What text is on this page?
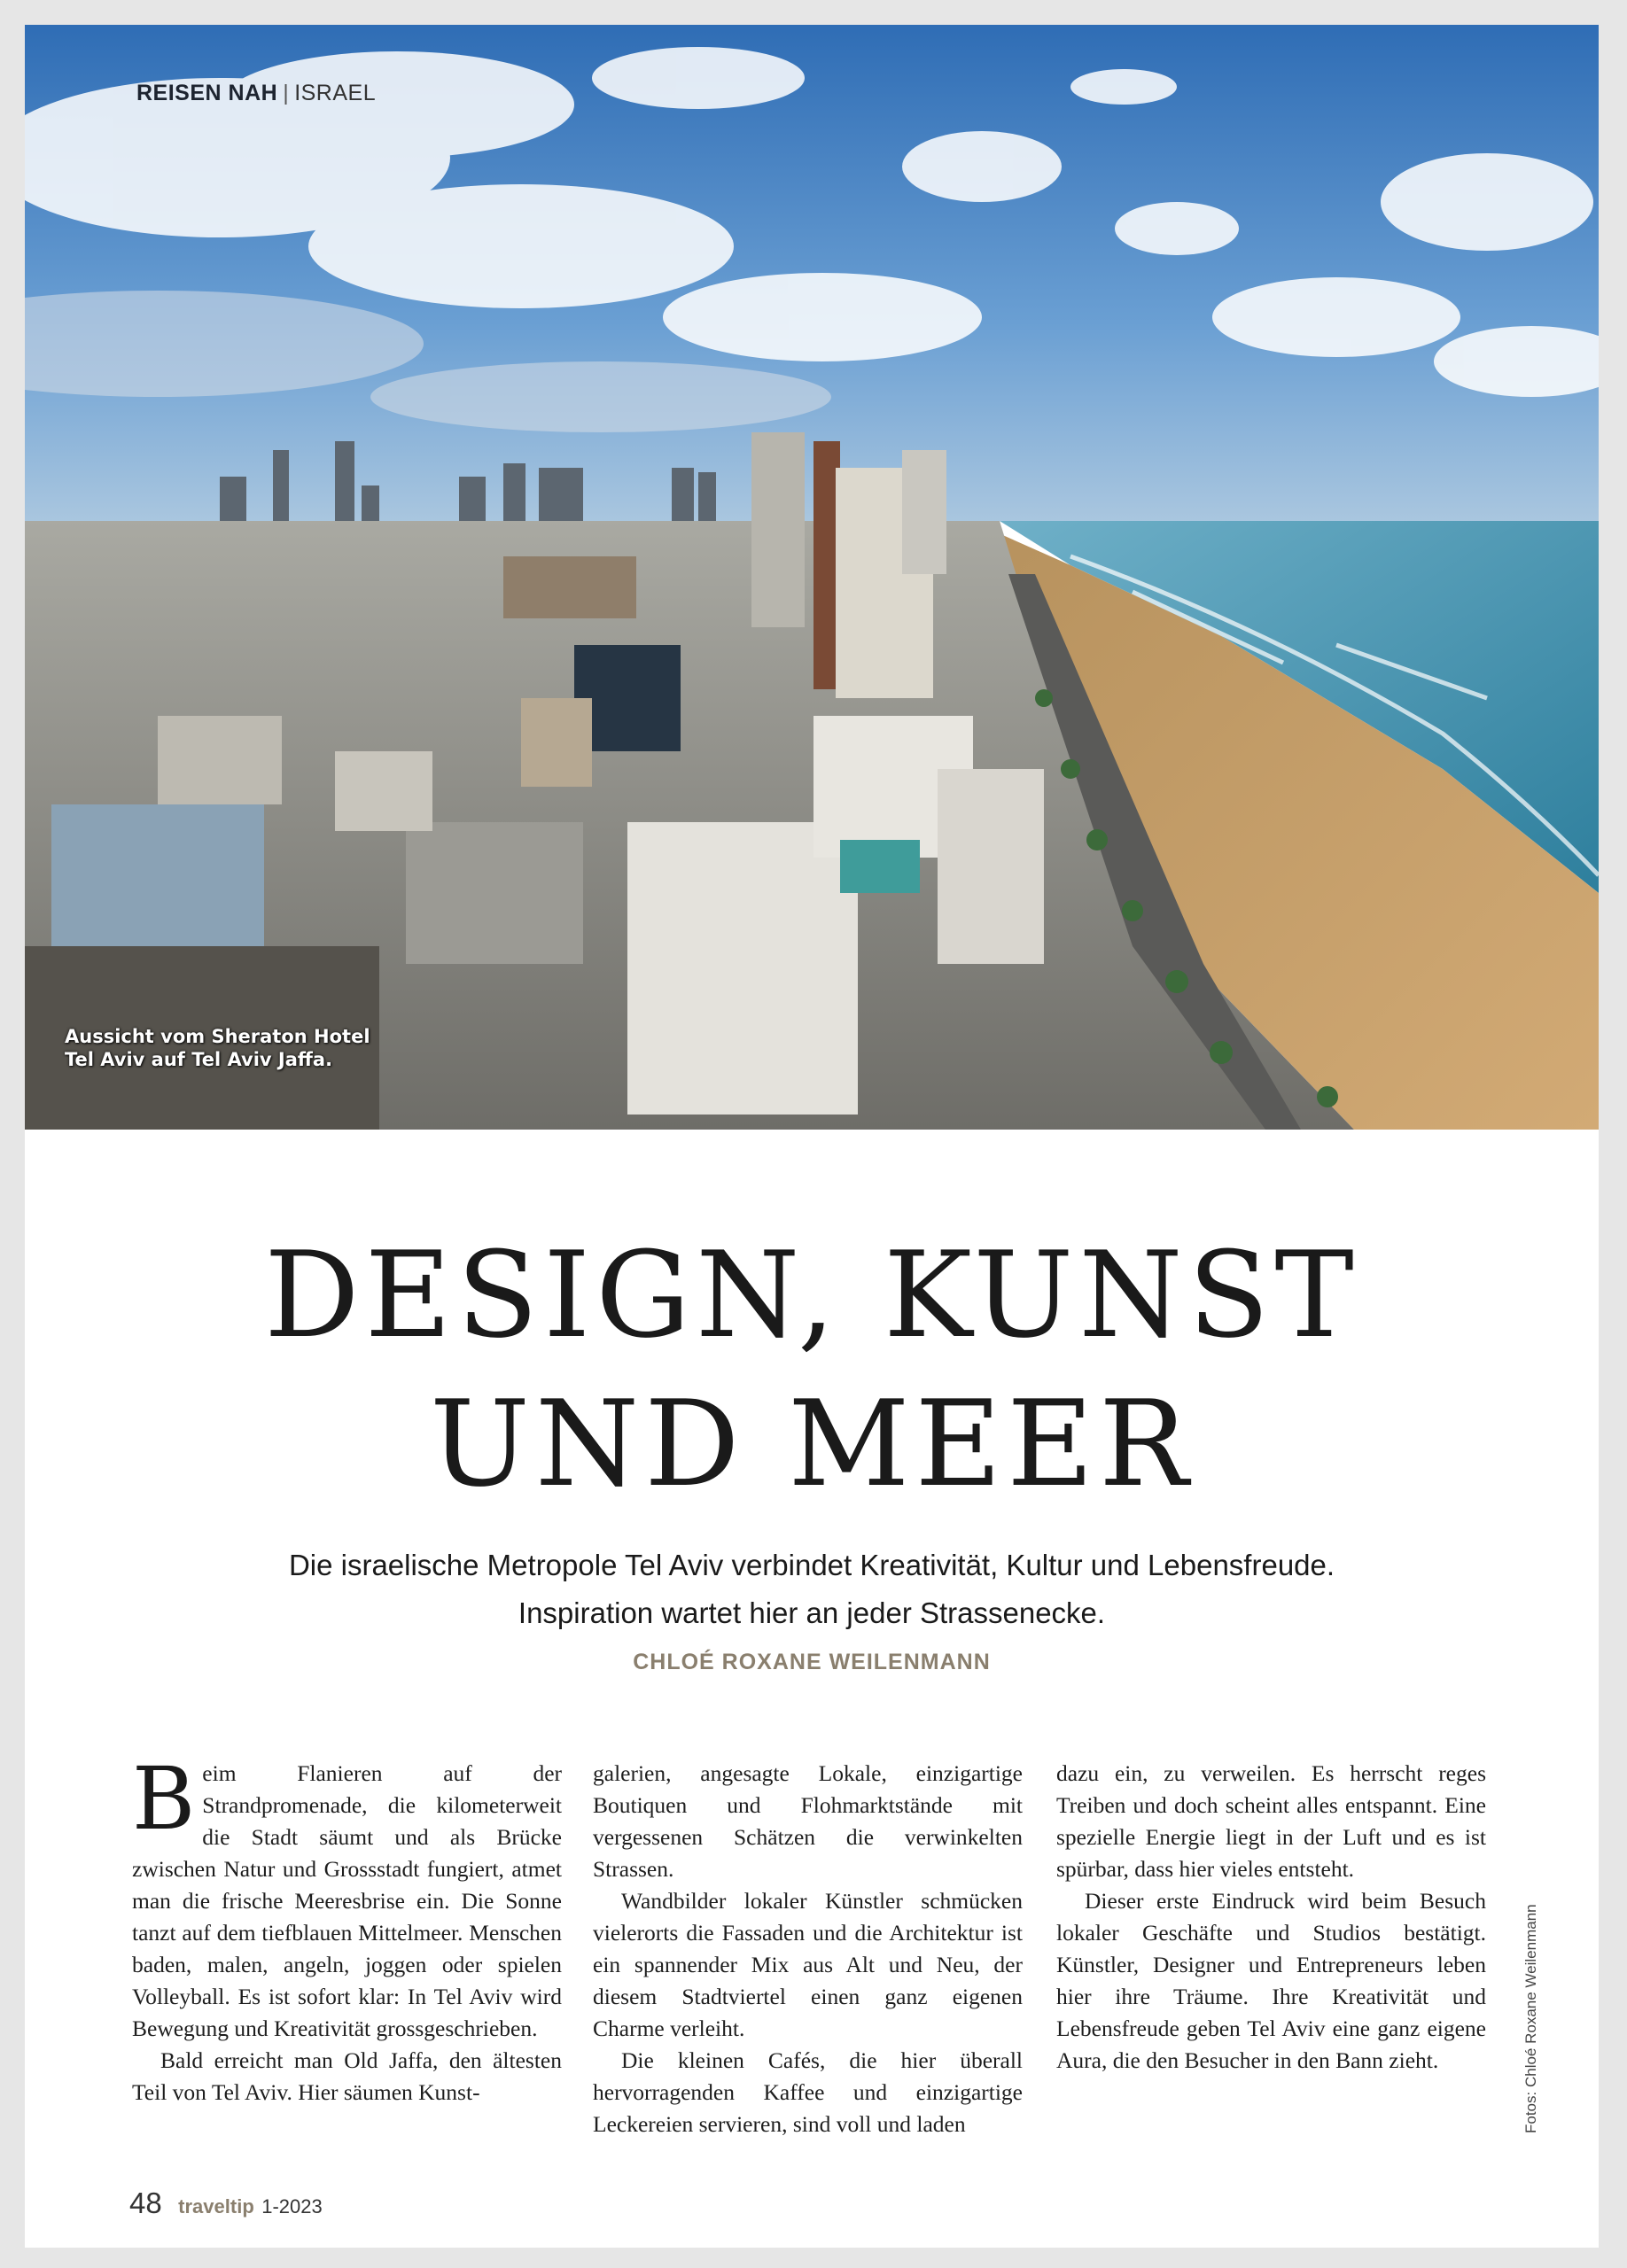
REISEN NAH | ISRAEL
Aussicht vom Sheraton Hotel Tel Aviv auf Tel Aviv Jaffa.
DESIGN, KUNST
UND MEER
Die israelische Metropole Tel Aviv verbindet Kreativität, Kultur und Lebensfreude.
Inspiration wartet hier an jeder Strassenecke.
CHLOÉ ROXANE WEILENMANN

Beim Flanieren auf der Strandpromenade, die kilometerweit die Stadt säumt und als Brücke zwischen Natur und Grossstadt fungiert, atmet man die frische Meeresbrise ein. Die Sonne tanzt auf dem tiefblauen Mittelmeer. Menschen baden, malen, angeln, joggen oder spielen Volleyball. Es ist sofort klar: In Tel Aviv wird Bewegung und Kreativität grossgeschrieben.

Bald erreicht man Old Jaffa, den ältesten Teil von Tel Aviv. Hier säumen Kunst-

galerien, angesagte Lokale, einzigartige Boutiquen und Flohmarktstände mit vergessenen Schätzen die verwinkelten Strassen.

Wandbilder lokaler Künstler schmücken vielerorts die Fassaden und die Architektur ist ein spannender Mix aus Alt und Neu, der diesem Stadtviertel einen ganz eigenen Charme verleiht.

Die kleinen Cafés, die hier überall hervorragenden Kaffee und einzigartige Leckereien servieren, sind voll und laden

dazu ein, zu verweilen. Es herrscht reges Treiben und doch scheint alles entspannt. Eine spezielle Energie liegt in der Luft und es ist spürbar, dass hier vieles entsteht.

Dieser erste Eindruck wird beim Besuch lokaler Geschäfte und Studios bestätigt. Künstler, Designer und Entrepreneurs leben hier ihre Träume. Ihre Kreativität und Lebensfreude geben Tel Aviv eine ganz eigene Aura, die den Besucher in den Bann zieht.	Fotos: Chloé Roxane Weilenmann
48 traveltip 1-2023
